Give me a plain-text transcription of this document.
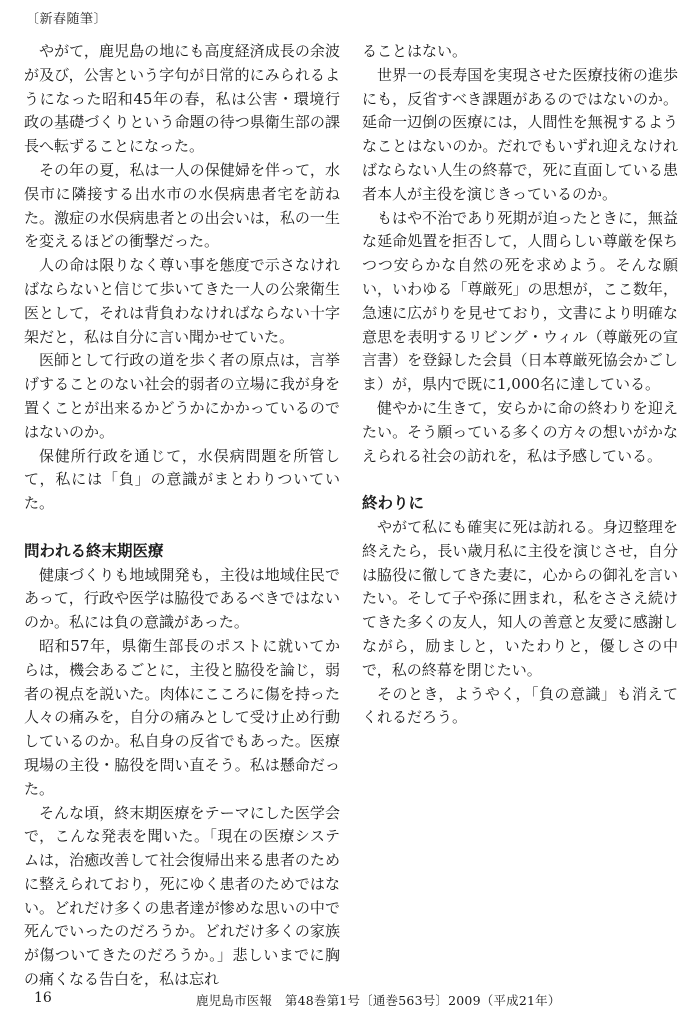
〔新春随筆〕

やがて，鹿児島の地にも高度経済成長の余波が及び，公害という字句が日常的にみられるようになった昭和45年の春，私は公害・環境行政の基礎づくりという命題の待つ県衛生部の課長へ転ずることになった。

その年の夏，私は一人の保健婦を伴って，水俣市に隣接する出水市の水俣病患者宅を訪ねた。激症の水俣病患者との出会いは，私の一生を変えるほどの衝撃だった。

人の命は限りなく尊い事を態度で示さなければならないと信じて歩いてきた一人の公衆衛生医として，それは背負わなければならない十字架だと，私は自分に言い聞かせていた。

医師として行政の道を歩く者の原点は，言挙げすることのない社会的弱者の立場に我が身を置くことが出来るかどうかにかかっているのではないのか。

保健所行政を通じて，水俣病問題を所管して，私には「負」の意識がまとわりついていた。

問われる終末期医療

健康づくりも地域開発も，主役は地域住民であって，行政や医学は脇役であるべきではないのか。私には負の意識があった。

昭和57年，県衛生部長のポストに就いてからは，機会あるごとに，主役と脇役を論じ，弱者の視点を説いた。肉体にこころに傷を持った人々の痛みを，自分の痛みとして受け止め行動しているのか。私自身の反省でもあった。医療現場の主役・脇役を問い直そう。私は懸命だった。

そんな頃，終末期医療をテーマにした医学会で，こんな発表を聞いた。「現在の医療システムは，治癒改善して社会復帰出来る患者のために整えられており，死にゆく患者のためではない。どれだけ多くの患者達が惨めな思いの中で死んでいったのだろうか。どれだけ多くの家族が傷ついてきたのだろうか。」悲しいまでに胸の痛くなる告白を，私は忘れ

ることはない。

世界一の長寿国を実現させた医療技術の進歩にも，反省すべき課題があるのではないのか。延命一辺倒の医療には，人間性を無視するようなことはないのか。だれでもいずれ迎えなければならない人生の終幕で，死に直面している患者本人が主役を演じきっているのか。

もはや不治であり死期が迫ったときに，無益な延命処置を拒否して，人間らしい尊厳を保ちつつ安らかな自然の死を求めよう。そんな願い，いわゆる「尊厳死」の思想が，ここ数年，急速に広がりを見せており，文書により明確な意思を表明するリビング・ウィル（尊厳死の宣言書）を登録した会員（日本尊厳死協会かごしま）が，県内で既に1,000名に達している。

健やかに生きて，安らかに命の終わりを迎えたい。そう願っている多くの方々の想いがかなえられる社会の訪れを，私は予感している。

終わりに

やがて私にも確実に死は訪れる。身辺整理を終えたら，長い歳月私に主役を演じさせ，自分は脇役に徹してきた妻に，心からの御礼を言いたい。そして子や孫に囲まれ，私をささえ続けてきた多くの友人，知人の善意と友愛に感謝しながら，励ましと，いたわりと，優しさの中で，私の終幕を閉じたい。

そのとき，ようやく，「負の意識」も消えてくれるだろう。

16	鹿児島市医報　第48巻第1号〔通巻563号〕2009（平成21年）
